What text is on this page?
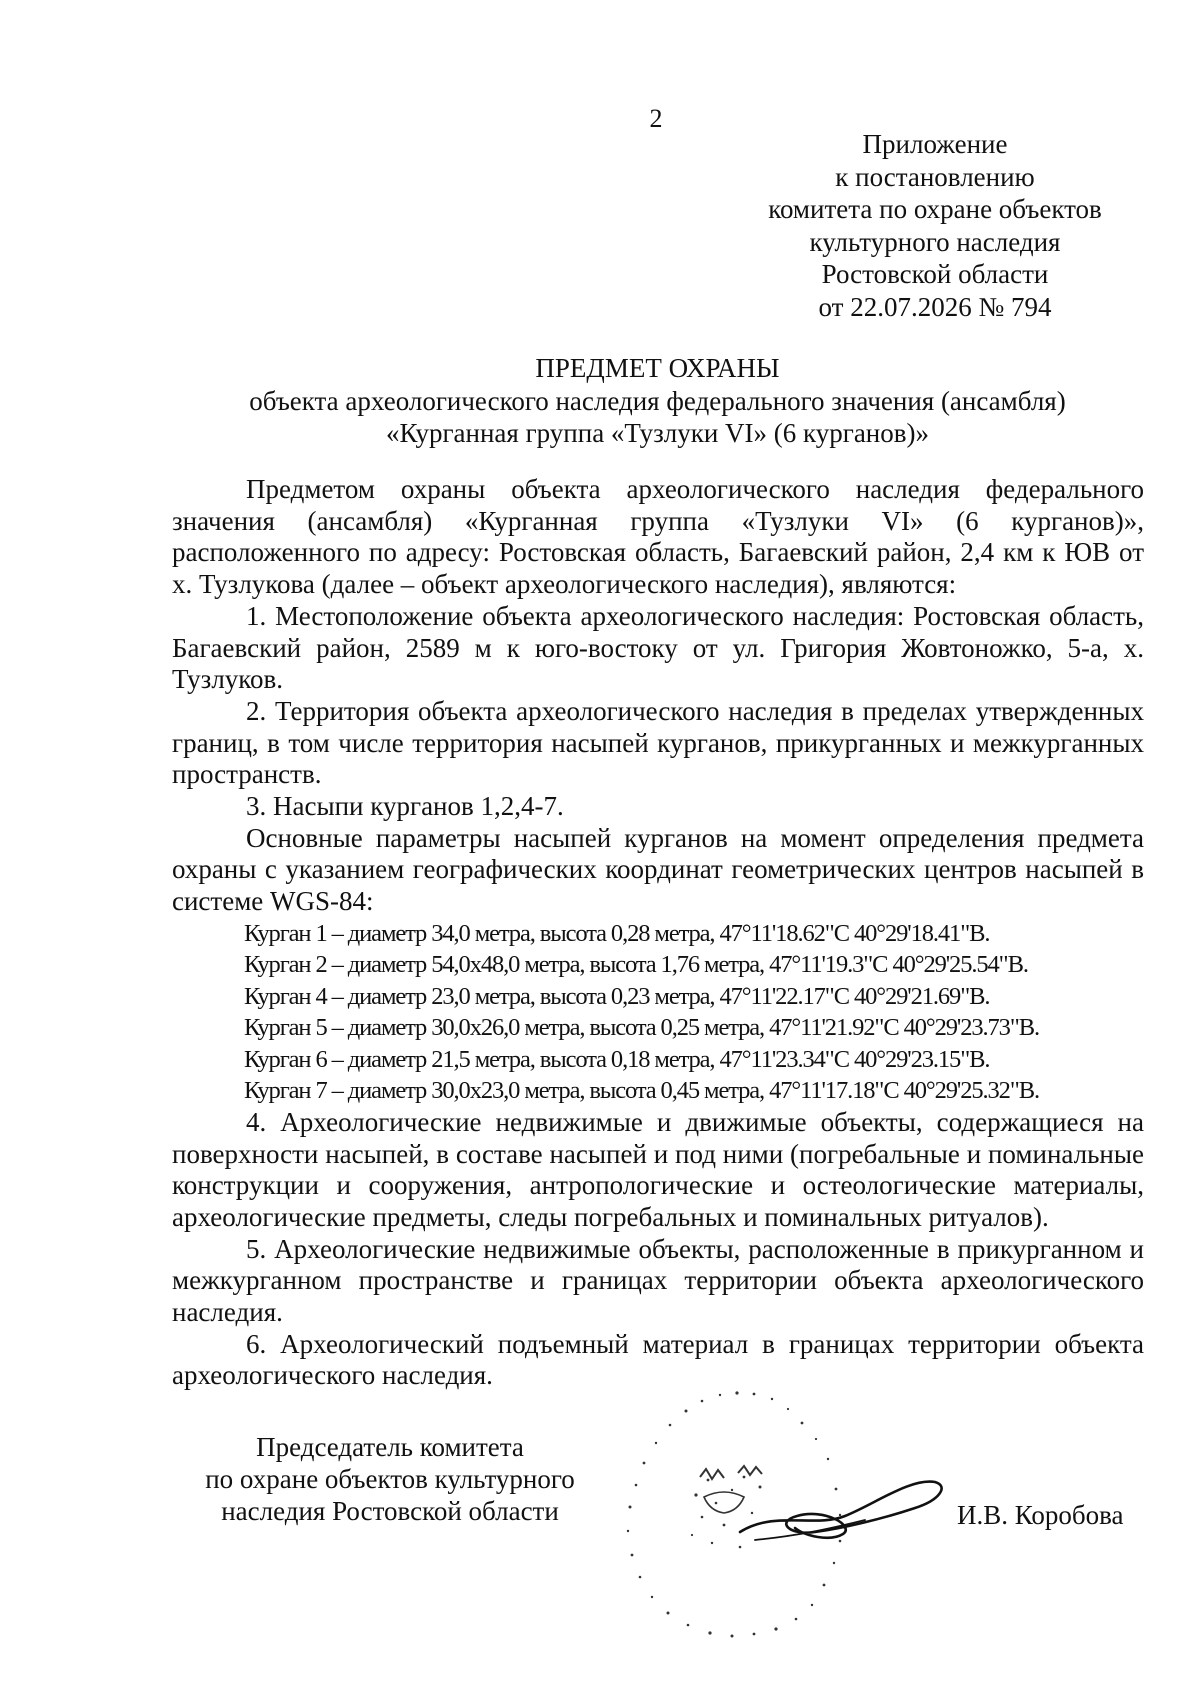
2
Приложение
к постановлению
комитета по охране объектов
культурного наследия
Ростовской области
от 22.07.2026 № 794
ПРЕДМЕТ ОХРАНЫ
объекта археологического наследия федерального значения (ансамбля)
«Курганная группа «Тузлуки VI» (6 курганов)»

Предметом охраны объекта археологического наследия федерального значения (ансамбля) «Курганная группа «Тузлуки VI» (6 курганов)», расположенного по адресу: Ростовская область, Багаевский район, 2,4 км к ЮВ от х. Тузлукова (далее – объект археологического наследия), являются:

1. Местоположение объекта археологического наследия: Ростовская область, Багаевский район, 2589 м к юго-востоку от ул. Григория Жовтоножко, 5-а, х. Тузлуков.

2. Территория объекта археологического наследия в пределах утвержденных границ, в том числе территория насыпей курганов, прикурганных и межкурганных пространств.

3. Насыпи курганов 1,2,4-7.

Основные параметры насыпей курганов на момент определения предмета охраны с указанием географических координат геометрических центров насыпей в системе WGS-84:

Курган 1 – диаметр 34,0 метра, высота 0,28 метра, 47°11'18.62"С 40°29'18.41"В.

Курган 2 – диаметр 54,0х48,0 метра, высота 1,76 метра, 47°11'19.3"С 40°29'25.54"В.

Курган 4 – диаметр 23,0 метра, высота 0,23 метра, 47°11'22.17"С 40°29'21.69"В.

Курган 5 – диаметр 30,0х26,0 метра, высота 0,25 метра, 47°11'21.92"С 40°29'23.73"В.

Курган 6 – диаметр 21,5 метра, высота 0,18 метра, 47°11'23.34"С 40°29'23.15"В.

Курган 7 – диаметр 30,0х23,0 метра, высота 0,45 метра, 47°11'17.18"С 40°29'25.32"В.

4. Археологические недвижимые и движимые объекты, содержащиеся на поверхности насыпей, в составе насыпей и под ними (погребальные и поминальные конструкции и сооружения, антропологические и остеологические материалы, археологические предметы, следы погребальных и поминальных ритуалов).

5. Археологические недвижимые объекты, расположенные в прикурганном и межкурганном пространстве и границах территории объекта археологического наследия.

6. Археологический подъемный материал в границах территории объекта археологического наследия.

Председатель комитета
по охране объектов культурного
наследия Ростовской области	И.В. Коробова
